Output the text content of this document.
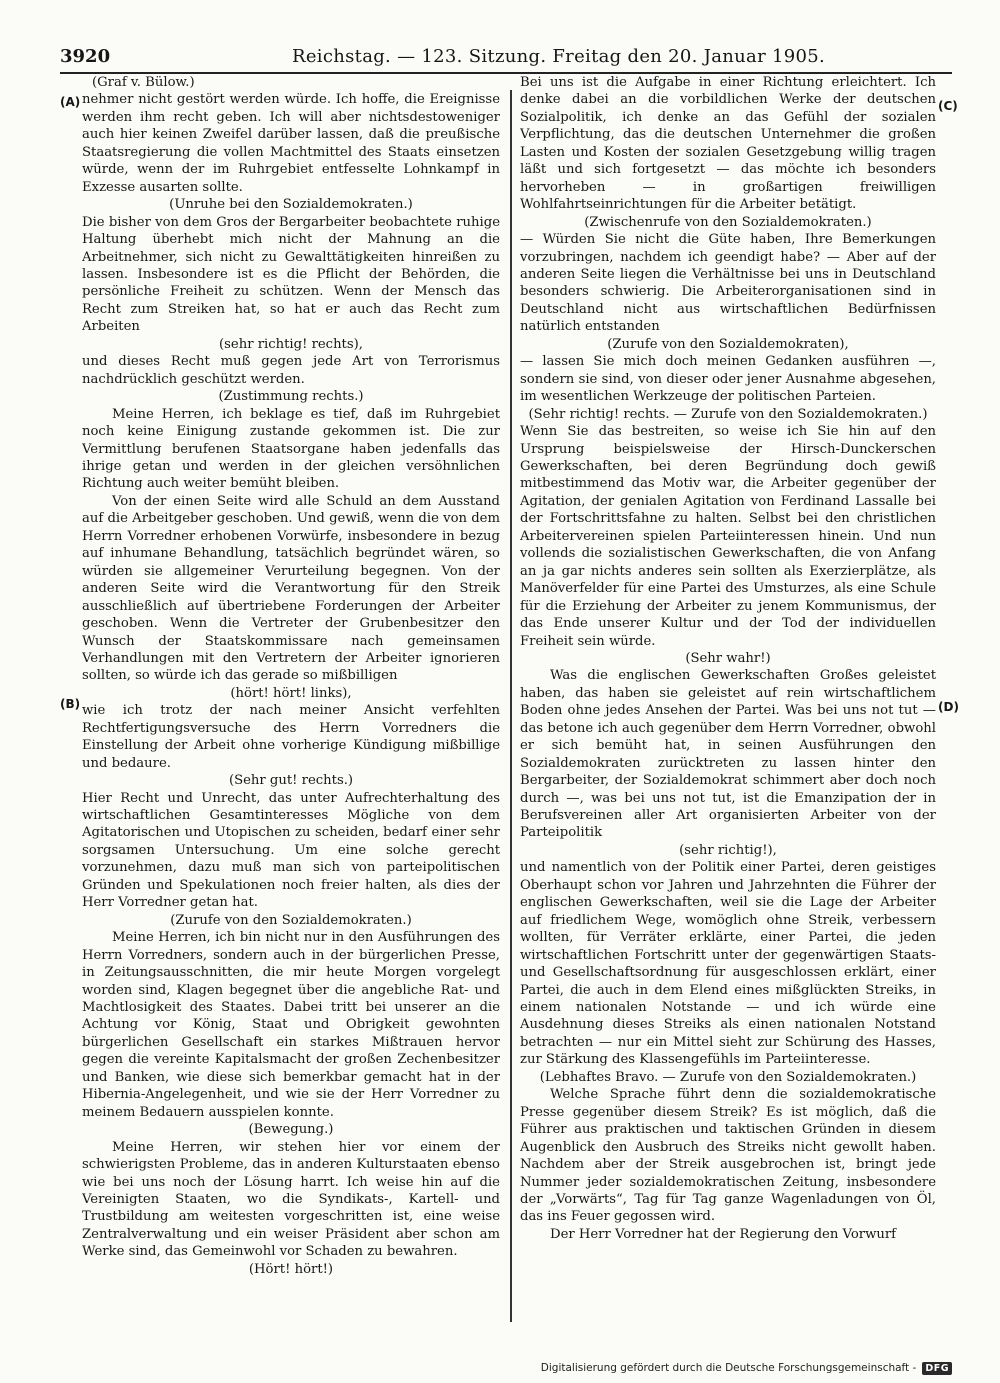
3920	Reichstag. — 123. Sitzung. Freitag den 20. Januar 1905.
(A)
(B)
(C)
(D)

(Graf v. Bülow.)

nehmer nicht gestört werden würde. Ich hoffe, die Ereignisse werden ihm recht geben. Ich will aber nichtsdestoweniger auch hier keinen Zweifel darüber lassen, daß die preußische Staatsregierung die vollen Machtmittel des Staats einsetzen würde, wenn der im Ruhrgebiet entfesselte Lohnkampf in Exzesse ausarten sollte.

(Unruhe bei den Sozialdemokraten.)

Die bisher von dem Gros der Bergarbeiter beobachtete ruhige Haltung überhebt mich nicht der Mahnung an die Arbeitnehmer, sich nicht zu Gewalttätigkeiten hinreißen zu lassen. Insbesondere ist es die Pflicht der Behörden, die persönliche Freiheit zu schützen. Wenn der Mensch das Recht zum Streiken hat, so hat er auch das Recht zum Arbeiten

(sehr richtig! rechts),

und dieses Recht muß gegen jede Art von Terrorismus nachdrücklich geschützt werden.

(Zustimmung rechts.)

Meine Herren, ich beklage es tief, daß im Ruhrgebiet noch keine Einigung zustande gekommen ist. Die zur Vermittlung berufenen Staatsorgane haben jedenfalls das ihrige getan und werden in der gleichen versöhnlichen Richtung auch weiter bemüht bleiben.

Von der einen Seite wird alle Schuld an dem Ausstand auf die Arbeitgeber geschoben. Und gewiß, wenn die von dem Herrn Vorredner erhobenen Vorwürfe, insbesondere in bezug auf inhumane Behandlung, tatsächlich begründet wären, so würden sie allgemeiner Verurteilung begegnen. Von der anderen Seite wird die Verantwortung für den Streik ausschließlich auf übertriebene Forderungen der Arbeiter geschoben. Wenn die Vertreter der Grubenbesitzer den Wunsch der Staatskommissare nach gemeinsamen Verhandlungen mit den Vertretern der Arbeiter ignorieren sollten, so würde ich das gerade so mißbilligen

(hört! hört! links),

wie ich trotz der nach meiner Ansicht verfehlten Rechtfertigungsversuche des Herrn Vorredners die Einstellung der Arbeit ohne vorherige Kündigung mißbillige und bedaure.

(Sehr gut! rechts.)

Hier Recht und Unrecht, das unter Aufrechterhaltung des wirtschaftlichen Gesamtinteresses Mögliche von dem Agitatorischen und Utopischen zu scheiden, bedarf einer sehr sorgsamen Untersuchung. Um eine solche gerecht vorzunehmen, dazu muß man sich von parteipolitischen Gründen und Spekulationen noch freier halten, als dies der Herr Vorredner getan hat.

(Zurufe von den Sozialdemokraten.)

Meine Herren, ich bin nicht nur in den Ausführungen des Herrn Vorredners, sondern auch in der bürgerlichen Presse, in Zeitungsausschnitten, die mir heute Morgen vorgelegt worden sind, Klagen begegnet über die angebliche Rat- und Machtlosigkeit des Staates. Dabei tritt bei unserer an die Achtung vor König, Staat und Obrigkeit gewohnten bürgerlichen Gesellschaft ein starkes Mißtrauen hervor gegen die vereinte Kapitalsmacht der großen Zechenbesitzer und Banken, wie diese sich bemerkbar gemacht hat in der Hibernia-Angelegenheit, und wie sie der Herr Vorredner zu meinem Bedauern ausspielen konnte.

(Bewegung.)

Meine Herren, wir stehen hier vor einem der schwierigsten Probleme, das in anderen Kulturstaaten ebenso wie bei uns noch der Lösung harrt. Ich weise hin auf die Vereinigten Staaten, wo die Syndikats-, Kartell- und Trustbildung am weitesten vorgeschritten ist, eine weise Zentralverwaltung und ein weiser Präsident aber schon am Werke sind, das Gemeinwohl vor Schaden zu bewahren.

(Hört! hört!)

Bei uns ist die Aufgabe in einer Richtung erleichtert. Ich denke dabei an die vorbildlichen Werke der deutschen Sozialpolitik, ich denke an das Gefühl der sozialen Verpflichtung, das die deutschen Unternehmer die großen Lasten und Kosten der sozialen Gesetzgebung willig tragen läßt und sich fortgesetzt — das möchte ich besonders hervorheben — in großartigen freiwilligen Wohlfahrtseinrichtungen für die Arbeiter betätigt.

(Zwischenrufe von den Sozialdemokraten.)

— Würden Sie nicht die Güte haben, Ihre Bemerkungen vorzubringen, nachdem ich geendigt habe? — Aber auf der anderen Seite liegen die Verhältnisse bei uns in Deutschland besonders schwierig. Die Arbeiterorganisationen sind in Deutschland nicht aus wirtschaftlichen Bedürfnissen natürlich entstanden

(Zurufe von den Sozialdemokraten),

— lassen Sie mich doch meinen Gedanken ausführen —, sondern sie sind, von dieser oder jener Ausnahme abgesehen, im wesentlichen Werkzeuge der politischen Parteien.

(Sehr richtig! rechts. — Zurufe von den Sozialdemokraten.)

Wenn Sie das bestreiten, so weise ich Sie hin auf den Ursprung beispielsweise der Hirsch-Dunckerschen Gewerkschaften, bei deren Begründung doch gewiß mitbestimmend das Motiv war, die Arbeiter gegenüber der Agitation, der genialen Agitation von Ferdinand Lassalle bei der Fortschrittsfahne zu halten. Selbst bei den christlichen Arbeitervereinen spielen Parteiinteressen hinein. Und nun vollends die sozialistischen Gewerkschaften, die von Anfang an ja gar nichts anderes sein sollten als Exerzierplätze, als Manöverfelder für eine Partei des Umsturzes, als eine Schule für die Erziehung der Arbeiter zu jenem Kommunismus, der das Ende unserer Kultur und der Tod der individuellen Freiheit sein würde.

(Sehr wahr!)

Was die englischen Gewerkschaften Großes geleistet haben, das haben sie geleistet auf rein wirtschaftlichem Boden ohne jedes Ansehen der Partei. Was bei uns not tut — das betone ich auch gegenüber dem Herrn Vorredner, obwohl er sich bemüht hat, in seinen Ausführungen den Sozialdemokraten zurücktreten zu lassen hinter den Bergarbeiter, der Sozialdemokrat schimmert aber doch noch durch —, was bei uns not tut, ist die Emanzipation der in Berufsvereinen aller Art organisierten Arbeiter von der Parteipolitik

(sehr richtig!),

und namentlich von der Politik einer Partei, deren geistiges Oberhaupt schon vor Jahren und Jahrzehnten die Führer der englischen Gewerkschaften, weil sie die Lage der Arbeiter auf friedlichem Wege, womöglich ohne Streik, verbessern wollten, für Verräter erklärte, einer Partei, die jeden wirtschaftlichen Fortschritt unter der gegenwärtigen Staats- und Gesellschaftsordnung für ausgeschlossen erklärt, einer Partei, die auch in dem Elend eines mißglückten Streiks, in einem nationalen Notstande — und ich würde eine Ausdehnung dieses Streiks als einen nationalen Notstand betrachten — nur ein Mittel sieht zur Schürung des Hasses, zur Stärkung des Klassengefühls im Parteiinteresse.

(Lebhaftes Bravo. — Zurufe von den Sozialdemokraten.)

Welche Sprache führt denn die sozialdemokratische Presse gegenüber diesem Streik? Es ist möglich, daß die Führer aus praktischen und taktischen Gründen in diesem Augenblick den Ausbruch des Streiks nicht gewollt haben. Nachdem aber der Streik ausgebrochen ist, bringt jede Nummer jeder sozialdemokratischen Zeitung, insbesondere der „Vorwärts“, Tag für Tag ganze Wagenladungen von Öl, das ins Feuer gegossen wird.

Der Herr Vorredner hat der Regierung den Vorwurf

Digitalisierung gefördert durch die Deutsche Forschungsgemeinschaft - DFG
